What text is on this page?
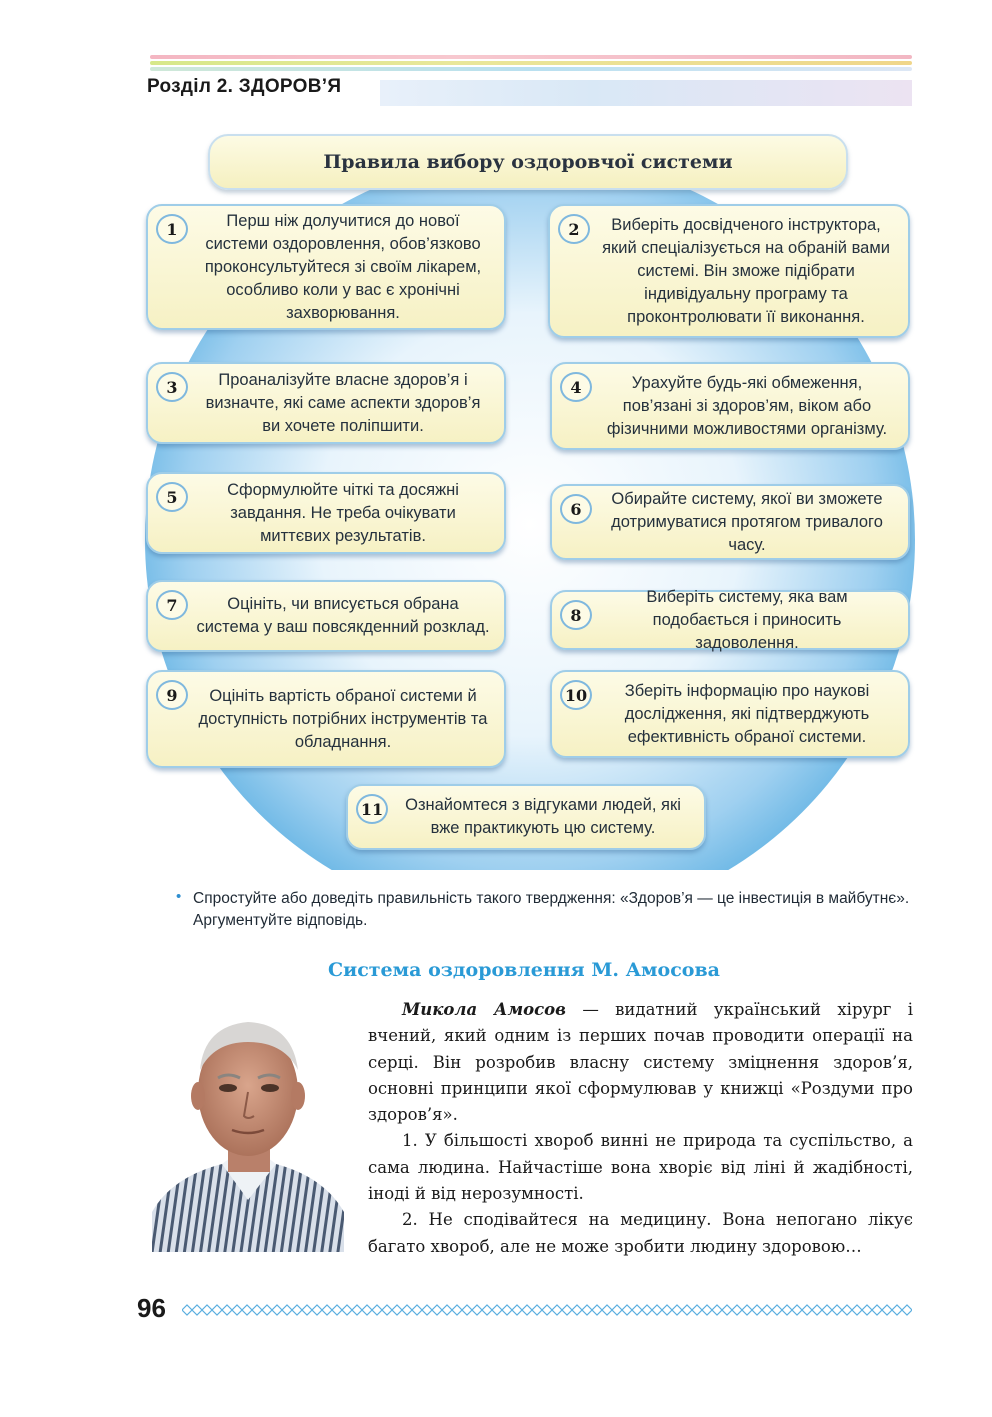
Розділ 2. ЗДОРОВ’Я
Правила вибору оздоровчої системи
1	Перш ніж долучитися до нової системи оздоровлення, обов’язково проконсультуйтеся зі своїм лікарем, особливо коли у вас є хронічні захворювання.
2	Виберіть досвідченого інструктора, який спеціалізується на обраній вами системі. Він зможе підібрати індивідуальну програму та проконтролювати її виконання.
3	Проаналізуйте власне здоров’я і визначте, які саме аспекти здоров’я ви хочете поліпшити.
4	Урахуйте будь-які обмеження, пов’язані зі здоров’ям, віком або фізичними можливостями організму.
5	Сформулюйте чіткі та досяжні завдання. Не треба очікувати миттєвих результатів.
6
Обирайте систему, якої ви зможете дотримуватися протягом тривалого часу.
7	Оцініть, чи вписується обрана система у ваш повсякденний розклад.
8
Виберіть систему, яка вам подобається і приносить задоволення.
9	Оцініть вартість обраної системи й доступність потрібних інструментів та обладнання.
10	Зберіть інформацію про наукові дослідження, які підтверджують ефективність обраної системи.
11	Ознайомтеся з відгуками людей, які вже практикують цю систему.
• Спростуйте або доведіть правильність такого твердження: «Здоров’я — це інвестиція в майбутнє». Аргументуйте відповідь.
Система оздоровлення М. Амосова

Микола Амосов — видатний український хірург і вчений, який одним із перших почав проводити операції на серці. Він розробив власну систему зміцнення здоров’я, основні принципи якої сформулював у книжці «Роздуми про здоров’я».

1. У більшості хвороб винні не природа та суспільство, а сама людина. Найчастіше вона хворіє від ліні й жадібності, іноді й від нерозумності.

2. Не сподівайтеся на медицину. Вона непогано лікує багато хвороб, але не може зробити людину здоровою…

96
